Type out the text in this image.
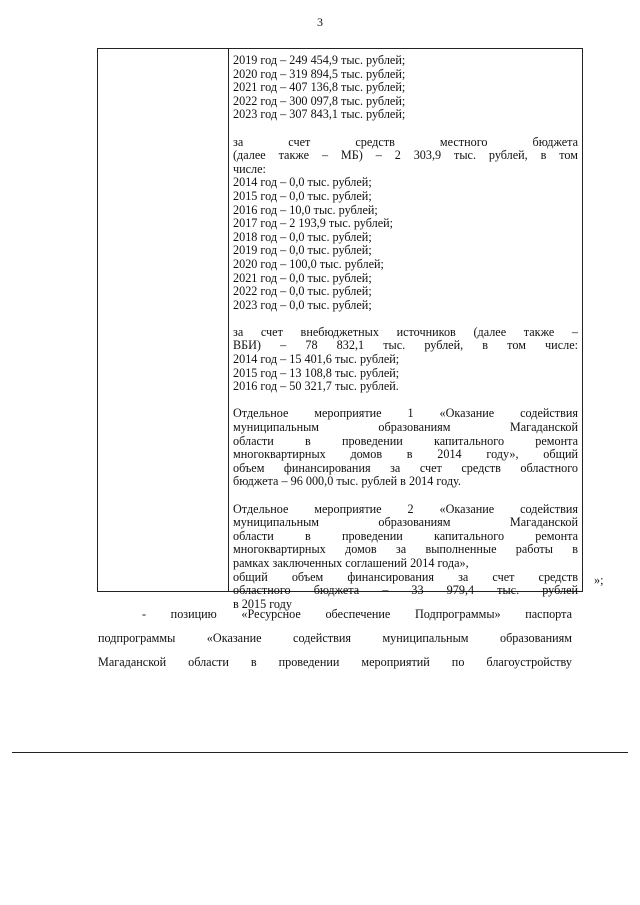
3
2019 год – 249 454,9 тыс. рублей;
2020 год – 319 894,5 тыс. рублей;
2021 год – 407 136,8 тыс. рублей;
2022 год – 300 097,8 тыс. рублей;
2023 год – 307 843,1 тыс. рублей;
за счет средств местного бюджета
(далее также – МБ) – 2 303,9 тыс. рублей, в том
числе:
2014 год – 0,0 тыс. рублей;
2015 год – 0,0 тыс. рублей;
2016 год – 10,0 тыс. рублей;
2017 год – 2 193,9 тыс. рублей;
2018 год – 0,0 тыс. рублей;
2019 год – 0,0 тыс. рублей;
2020 год – 100,0 тыс. рублей;
2021 год – 0,0 тыс. рублей;
2022 год – 0,0 тыс. рублей;
2023 год – 0,0 тыс. рублей;
за счет внебюджетных источников (далее также –
ВБИ) – 78 832,1 тыс. рублей, в том числе:
2014 год – 15 401,6 тыс. рублей;
2015 год – 13 108,8 тыс. рублей;
2016 год – 50 321,7 тыс. рублей.
Отдельное мероприятие 1 «Оказание содействия
муниципальным образованиям Магаданской
области в проведении капитального ремонта
многоквартирных домов в 2014 году», общий
объем финансирования за счет средств областного
бюджета – 96 000,0 тыс. рублей в 2014 году.
Отдельное мероприятие 2 «Оказание содействия
муниципальным образованиям Магаданской
области в проведении капитального ремонта
многоквартирных домов за выполненные работы в
рамках заключенных соглашений 2014 года»,
общий объем финансирования за счет средств
областного бюджета – 33 979,4 тыс. рублей
в 2015 году
»;
- позицию «Ресурсное обеспечение Подпрограммы» паспорта
подпрограммы «Оказание содействия муниципальным образованиям
Магаданской области в проведении мероприятий по благоустройству
